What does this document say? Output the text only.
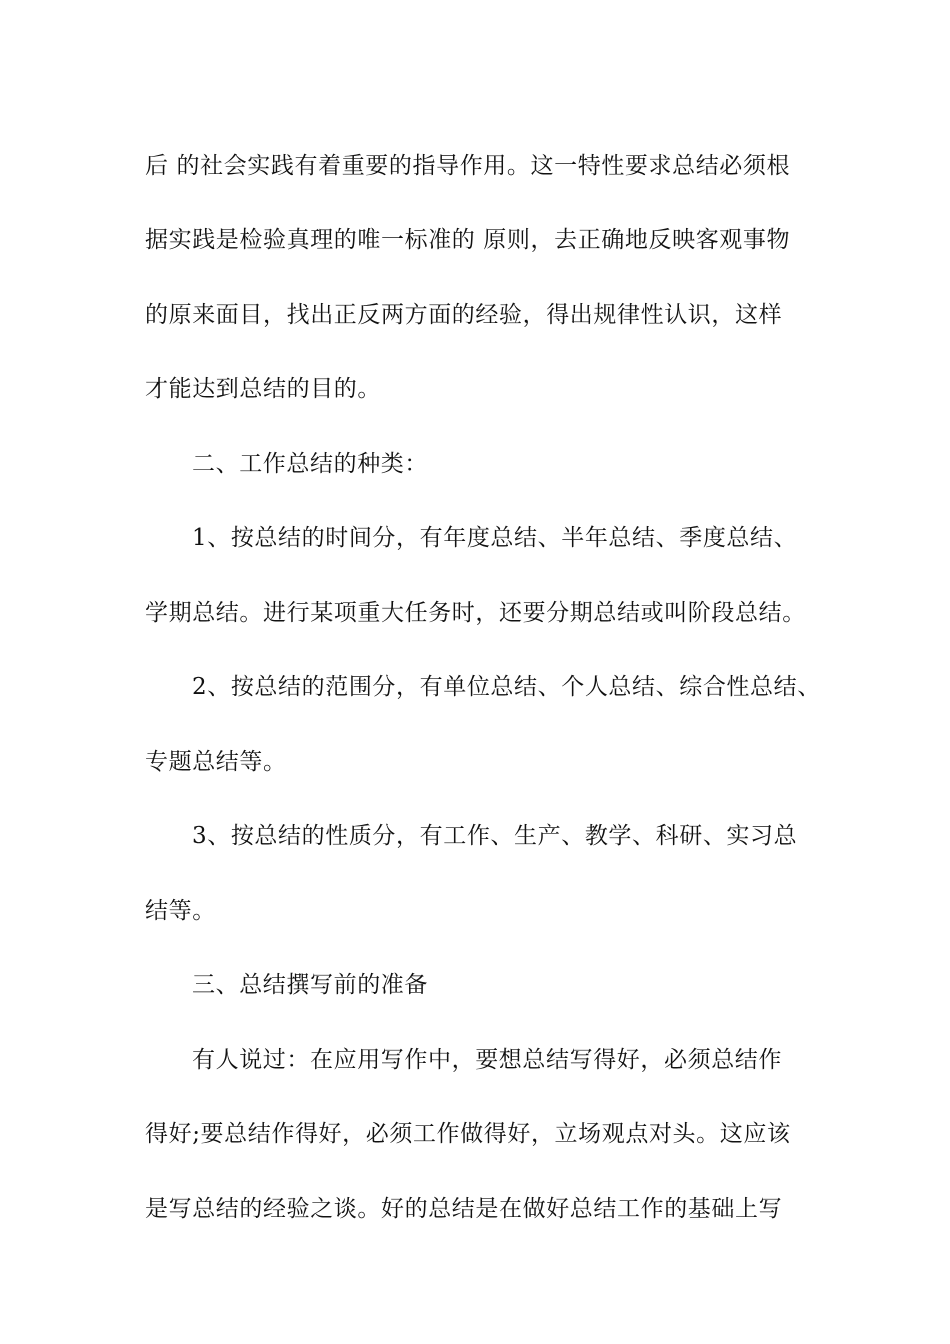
后 的社会实践有着重要的指导作用。这一特性要求总结必须根
据实践是检验真理的唯一标准的 原则，去正确地反映客观事物
的原来面目，找出正反两方面的经验，得出规律性认识，这样
才能达到总结的目的。
二、工作总结的种类：
1、按总结的时间分，有年度总结、半年总结、季度总结、
学期总结。进行某项重大任务时，还要分期总结或叫阶段总结。
2、按总结的范围分，有单位总结、个人总结、综合性总结、
专题总结等。
3、按总结的性质分，有工作、生产、教学、科研、实习总
结等。
三、总结撰写前的准备
有人说过：在应用写作中，要想总结写得好，必须总结作
得好;要总结作得好，必须工作做得好，立场观点对头。这应该
是写总结的经验之谈。好的总结是在做好总结工作的基础上写
